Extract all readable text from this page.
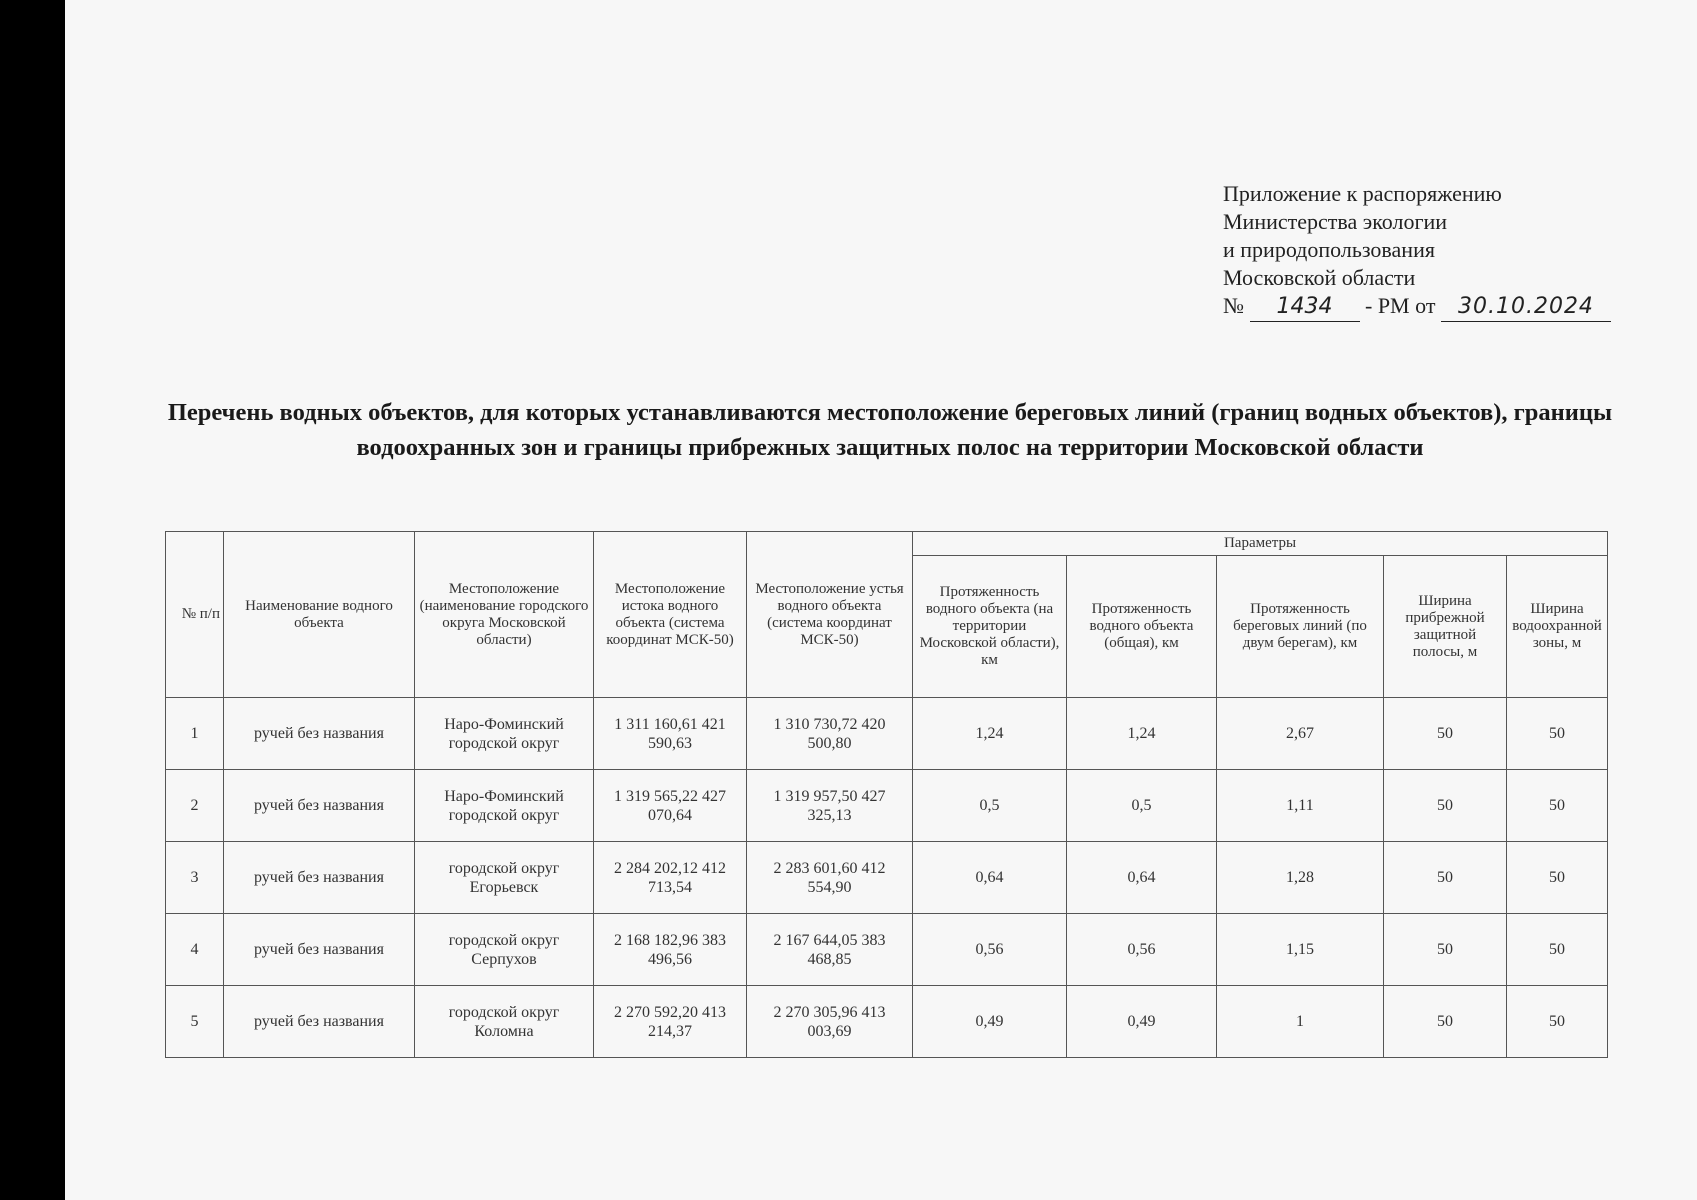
Приложение к распоряжению
Министерства экологии
и природопользования
Московской области
№ 1434 - РМ от 30.10.2024
Перечень водных объектов, для которых устанавливаются местоположение береговых линий (границ водных объектов), границы водоохранных зон и границы прибрежных защитных полос на территории Московской области
№ п/п	Наименование водного объекта	Местоположение (наименование городского округа Московской области)	Местоположение истока водного объекта (система координат МСК-50)	Местоположение устья водного объекта (система координат МСК-50)	Параметры				
					Протяженность водного объекта (на территории Московской области), км	Протяженность водного объекта (общая), км	Протяженность береговых линий (по двум берегам), км	Ширина прибрежной защитной полосы, м	Ширина водоохранной зоны, м
1	ручей без названия	Наро-Фоминский городской округ	1 311 160,61 421 590,63	1 310 730,72 420 500,80	1,24	1,24	2,67	50	50
2	ручей без названия	Наро-Фоминский городской округ	1 319 565,22 427 070,64	1 319 957,50 427 325,13	0,5	0,5	1,11	50	50
3	ручей без названия	городской округ Егорьевск	2 284 202,12 412 713,54	2 283 601,60 412 554,90	0,64	0,64	1,28	50	50
4	ручей без названия	городской округ Серпухов	2 168 182,96 383 496,56	2 167 644,05 383 468,85	0,56	0,56	1,15	50	50
5	ручей без названия	городской округ Коломна	2 270 592,20 413 214,37	2 270 305,96 413 003,69	0,49	0,49	1	50	50
